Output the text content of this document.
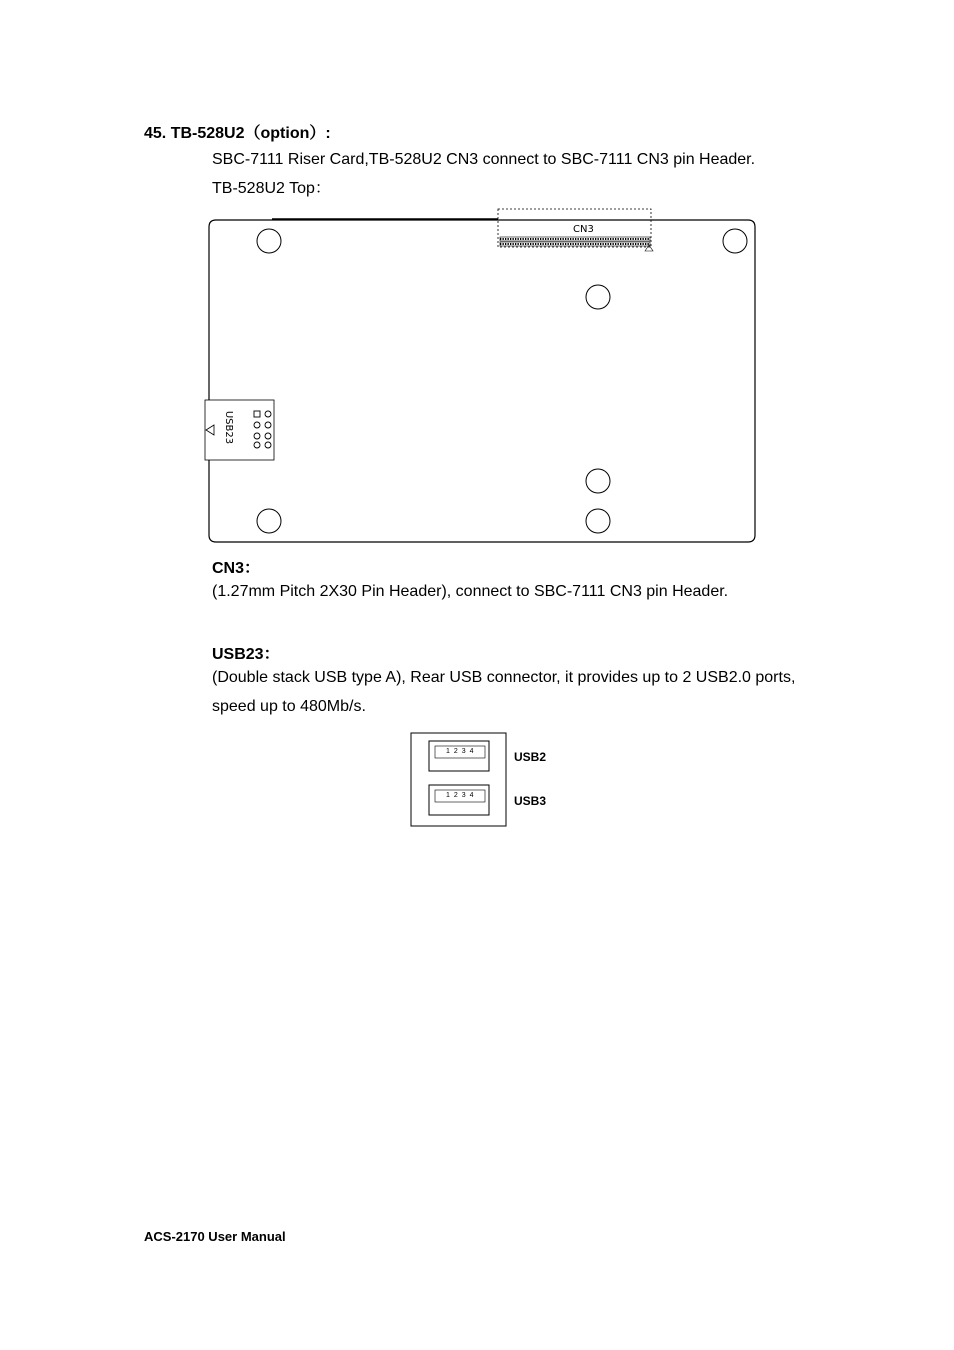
45. TB-528U2（option）:
SBC-7111 Riser Card,TB-528U2 CN3 connect to SBC-7111 CN3 pin Header.
TB-528U2 Top：
CN3
USB23
CN3：
(1.27mm Pitch 2X30 Pin Header), connect to SBC-7111 CN3 pin Header.
USB23：
(Double stack USB type A), Rear USB connector, it provides up to 2 USB2.0 ports, speed up to 480Mb/s.
1 2 3 4
1 2 3 4
USB2
USB3
ACS-2170 User Manual
